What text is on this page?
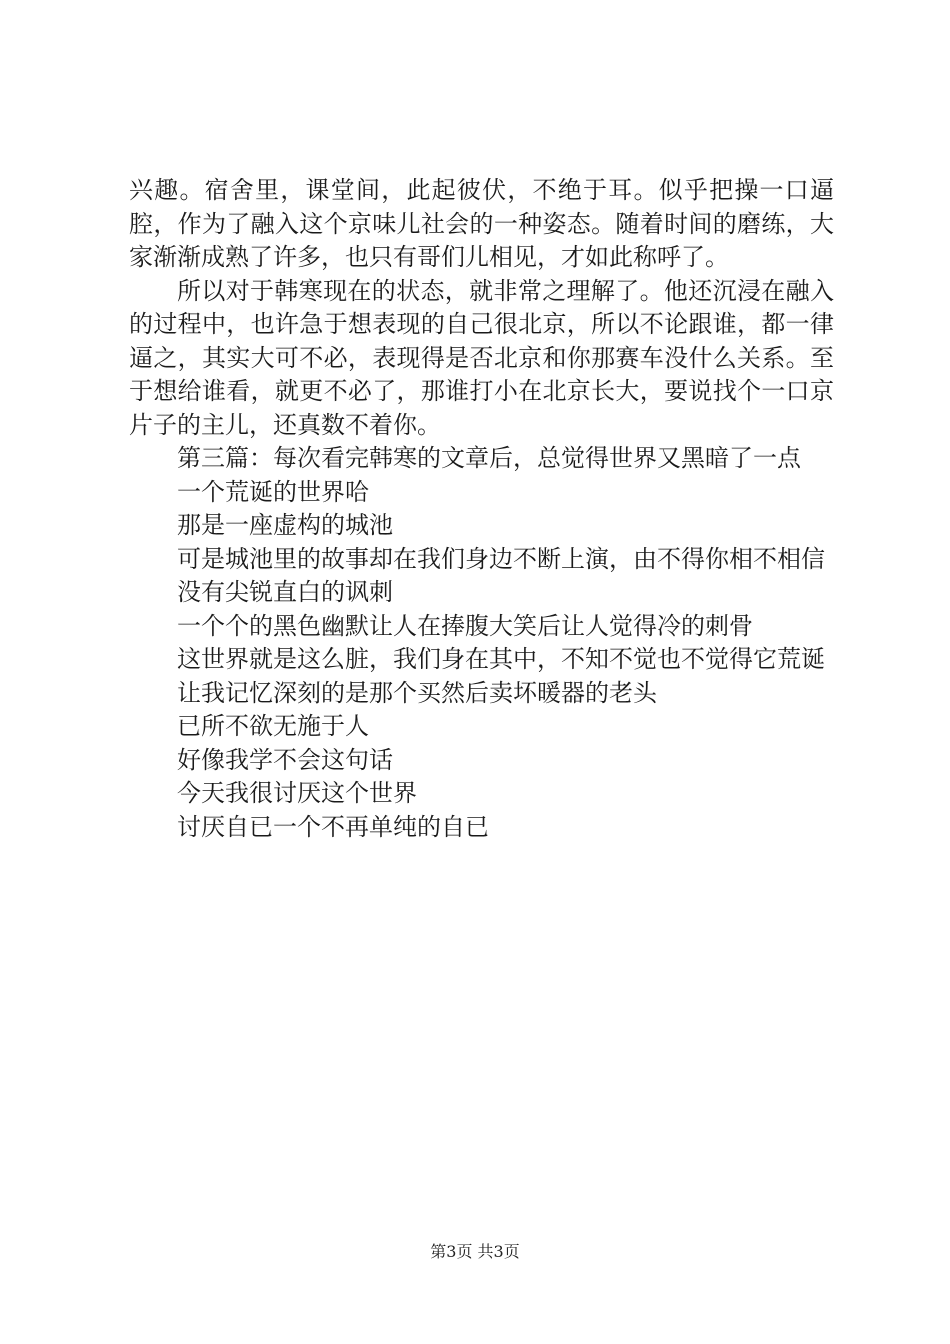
兴趣。宿舍里，课堂间，此起彼伏，不绝于耳。似乎把操一口逼腔，作为了融入这个京味儿社会的一种姿态。随着时间的磨练，大家渐渐成熟了许多，也只有哥们儿相见，才如此称呼了。

所以对于韩寒现在的状态，就非常之理解了。他还沉浸在融入的过程中，也许急于想表现的自己很北京，所以不论跟谁，都一律逼之，其实大可不必，表现得是否北京和你那赛车没什么关系。至于想给谁看，就更不必了，那谁打小在北京长大，要说找个一口京片子的主儿，还真数不着你。

第三篇：每次看完韩寒的文章后，总觉得世界又黑暗了一点

一个荒诞的世界哈

那是一座虚构的城池

可是城池里的故事却在我们身边不断上演，由不得你相不相信

没有尖锐直白的讽刺

一个个的黑色幽默让人在捧腹大笑后让人觉得冷的刺骨

这世界就是这么脏，我们身在其中，不知不觉也不觉得它荒诞

让我记忆深刻的是那个买然后卖坏暖器的老头

已所不欲无施于人

好像我学不会这句话

今天我很讨厌这个世界

讨厌自已一个不再单纯的自已

第3页 共3页
